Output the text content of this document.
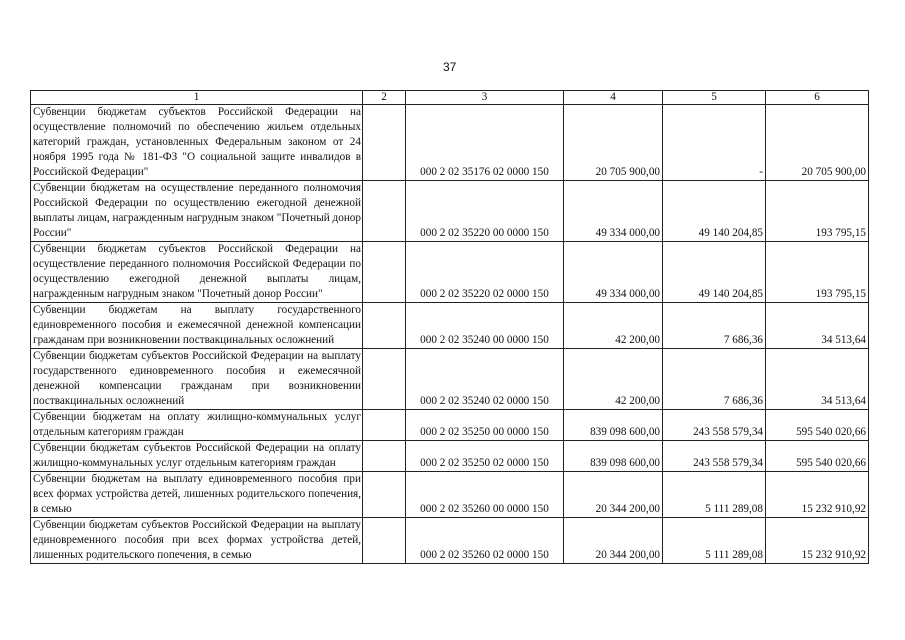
37
1	2	3	4	5	6
Субвенции бюджетам субъектов Российской Федерации на осуществление полномочий по обеспечению жильем отдельных категорий граждан, установленных Федеральным законом от 24 ноября 1995 года № 181-ФЗ "О социальной защите инвалидов в Российской Федерации"		000 2 02 35176 02 0000 150	20 705 900,00	-	20 705 900,00
Субвенции бюджетам на осуществление переданного полномочия Российской Федерации по осуществлению ежегодной денежной выплаты лицам, награжденным нагрудным знаком "Почетный донор России"		000 2 02 35220 00 0000 150	49 334 000,00	49 140 204,85	193 795,15
Субвенции бюджетам субъектов Российской Федерации на осуществление переданного полномочия Российской Федерации по осуществлению ежегодной денежной выплаты лицам, награжденным нагрудным знаком "Почетный донор России"		000 2 02 35220 02 0000 150	49 334 000,00	49 140 204,85	193 795,15
Субвенции бюджетам на выплату государственного единовременного пособия и ежемесячной денежной компенсации гражданам при возникновении поствакцинальных осложнений		000 2 02 35240 00 0000 150	42 200,00	7 686,36	34 513,64
Субвенции бюджетам субъектов Российской Федерации на выплату государственного единовременного пособия и ежемесячной денежной компенсации гражданам при возникновении поствакцинальных осложнений		000 2 02 35240 02 0000 150	42 200,00	7 686,36	34 513,64
Субвенции бюджетам на оплату жилищно-коммунальных услуг отдельным категориям граждан		000 2 02 35250 00 0000 150	839 098 600,00	243 558 579,34	595 540 020,66
Субвенции бюджетам субъектов Российской Федерации на оплату жилищно-коммунальных услуг отдельным категориям граждан		000 2 02 35250 02 0000 150	839 098 600,00	243 558 579,34	595 540 020,66
Субвенции бюджетам на выплату единовременного пособия при всех формах устройства детей, лишенных родительского попечения, в семью		000 2 02 35260 00 0000 150	20 344 200,00	5 111 289,08	15 232 910,92
Субвенции бюджетам субъектов Российской Федерации на выплату единовременного пособия при всех формах устройства детей, лишенных родительского попечения, в семью		000 2 02 35260 02 0000 150	20 344 200,00	5 111 289,08	15 232 910,92
